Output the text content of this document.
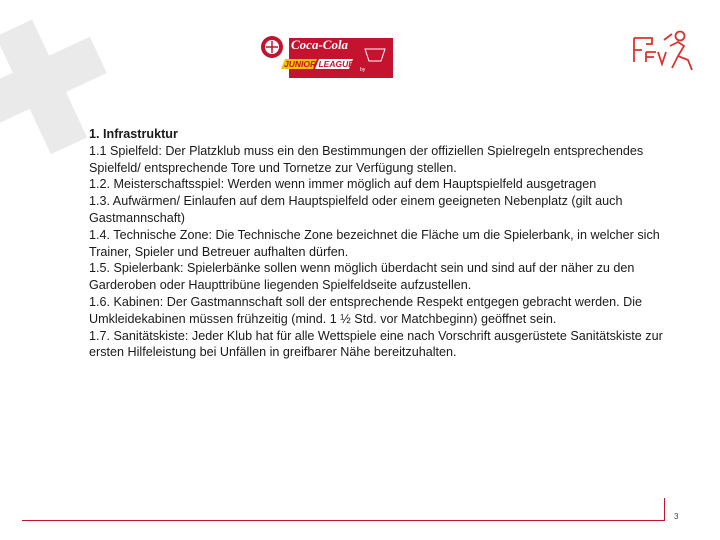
Coca-Cola
JUNIOR LEAGUE
by

1. Infrastruktur

1.1 Spielfeld: Der Platzklub muss ein den Bestimmungen der offiziellen Spielregeln entsprechendes Spielfeld/ entsprechende Tore und Tornetze zur Verfügung stellen.

1.2. Meisterschaftsspiel: Werden wenn immer möglich auf dem Hauptspielfeld ausgetragen

1.3. Aufwärmen/ Einlaufen auf dem Hauptspielfeld oder einem geeigneten Nebenplatz (gilt auch Gastmannschaft)

1.4. Technische Zone: Die Technische Zone bezeichnet die Fläche um die Spielerbank, in welcher sich Trainer, Spieler und Betreuer aufhalten dürfen.

1.5. Spielerbank: Spielerbänke sollen wenn möglich überdacht sein und sind auf der näher zu den Garderoben oder Haupttribüne liegenden Spielfeldseite aufzustellen.

1.6. Kabinen: Der Gastmannschaft soll der entsprechende Respekt entgegen gebracht werden. Die Umkleidekabinen müssen frühzeitig (mind. 1 ½ Std. vor Matchbeginn) geöffnet sein.

1.7. Sanitätskiste: Jeder Klub hat für alle Wettspiele eine nach Vorschrift ausgerüstete Sanitätskiste zur ersten Hilfeleistung bei Unfällen in greifbarer Nähe bereitzuhalten.

3
